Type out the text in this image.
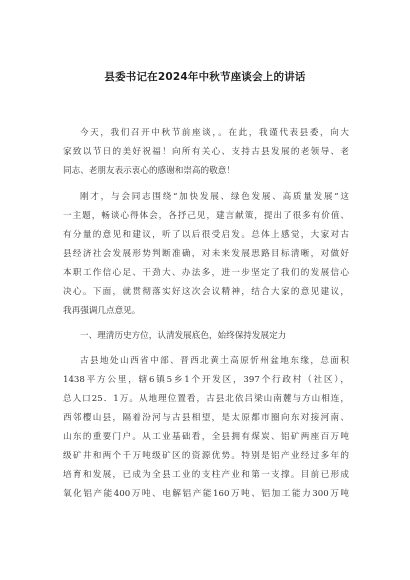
县委书记在2024年中秋节座谈会上的讲话
今天，我们召开中秋节前座谈，。在此，我谨代表县委，向大
家致以节日的美好祝福！向所有关心、支持古县发展的老领导、老
同志、老朋友表示衷心的感谢和崇高的敬意！
刚才，与会同志围绕“加快发展、绿色发展、高质量发展”这
一主题，畅谈心得体会，各抒己见，建言献策，提出了很多有价值、
有分量的意见和建议，听了以后很受启发。总体上感觉，大家对古
县经济社会发展形势判断准确，对未来发展思路目标清晰，对做好
本职工作信心足、干劲大、办法多，进一步坚定了我们的发展信心
决心。下面，就贯彻落实好这次会议精神，结合大家的意见建议，
我再强调几点意见。
一、理清历史方位，认清发展底色，始终保持发展定力
古县地处山西省中部、晋西北黄土高原忻州盆地东缘，总面积
1438平方公里，辖6镇5乡1个开发区，397个行政村（社区），
总人口25．1万。从地理位置看，古县北依吕梁山南麓与方山相连，
西邻樱山县，隔着汾河与古县相望，是太原都市圈向东对接河南、
山东的重要门户。从工业基础看，全县拥有煤炭、铝矿两座百万吨
级矿井和两个千万吨级矿区的资源优势。特别是铝产业经过多年的
培育和发展，已成为全县工业的支柱产业和第一支撑。目前已形成
氧化铝产能400万吨、电解铝产能160万吨、铝加工能力300万吨
